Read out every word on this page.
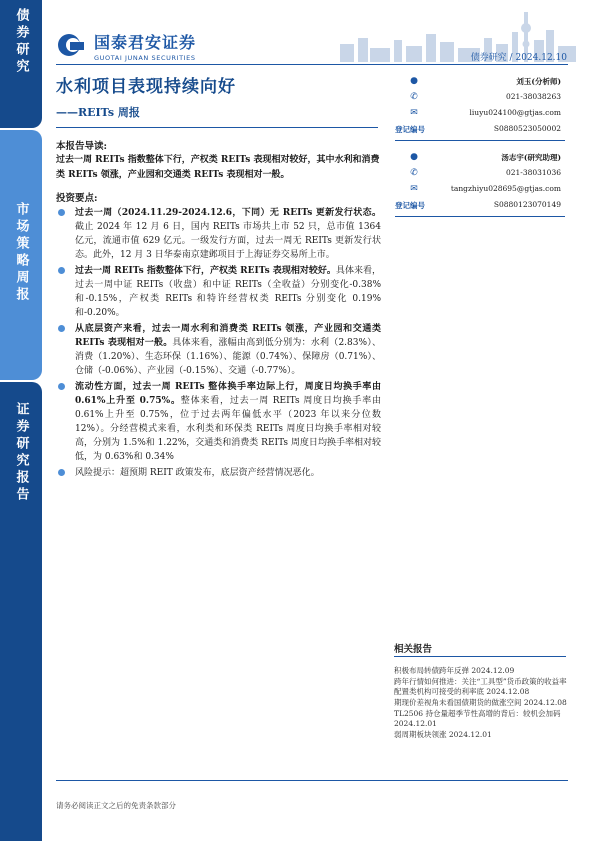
债券研究
市场策略周报
证券研究报告
国泰君安证券
GUOTAI JUNAN SECURITIES	债券研究 / 2024.12.10
水利项目表现持续向好
——REITs 周报
●	刘玉(分析师)
✆	021-38038263
✉	liuyu024100@gtjas.com
登记编号	S0880523050002
●	汤志宇(研究助理)
✆	021-38031036
✉	tangzhiyu028695@gtjas.com
登记编号	S0880123070149
本报告导读:
过去一周 REITs 指数整体下行，产权类 REITs 表现相对较好，其中水利和消费类 REITs 领涨，产业园和交通类 REITs 表现相对一般。
投资要点:
过去一周（2024.11.29-2024.12.6，下同）无 REITs 更新发行状态。截止 2024 年 12 月 6 日，国内 REITs 市场共上市 52 只，总市值 1364 亿元，流通市值 629 亿元。一级发行方面，过去一周无 REITs 更新发行状态。此外，12 月 3 日华泰南京建邺项目于上海证券交易所上市。
过去一周 REITs 指数整体下行，产权类 REITs 表现相对较好。具体来看，过去一周中证 REITs（收盘）和中证 REITs（全收益）分别变化-0.38%和-0.15%，产权类 REITs 和特许经营权类 REITs 分别变化 0.19%和-0.20%。
从底层资产来看，过去一周水利和消费类 REITs 领涨，产业园和交通类 REITs 表现相对一般。具体来看，涨幅由高到低分别为：水利（2.83%）、消费（1.20%）、生态环保（1.16%）、能源（0.74%）、保障房（0.71%）、仓储（-0.06%）、产业园（-0.15%）、交通（-0.77%）。
流动性方面，过去一周 REITs 整体换手率边际上行，周度日均换手率由 0.61%上升至 0.75%。整体来看，过去一周 REITs 周度日均换手率由 0.61%上升至 0.75%，位于过去两年偏低水平（2023 年以来分位数 12%）。分经营模式来看，水利类和环保类 REITs 周度日均换手率相对较高，分别为 1.5%和 1.22%，交通类和消费类 REITs 周度日均换手率相对较低，为 0.63%和 0.34%
风险提示：超预期 REIT 政策发布，底层资产经营情况恶化。
相关报告
积极布局转债跨年反弹 2024.12.09
跨年行情如何推进：关注“工具型”货币政策的收益率配置类机构可接受的利率底 2024.12.08
期现价差视角未看国债期货的做涨空间 2024.12.08
TL2506 持仓量超季节性高增的背后：较机会加码 2024.12.01
弱周期板块领涨 2024.12.01
请务必阅读正文之后的免责条款部分
